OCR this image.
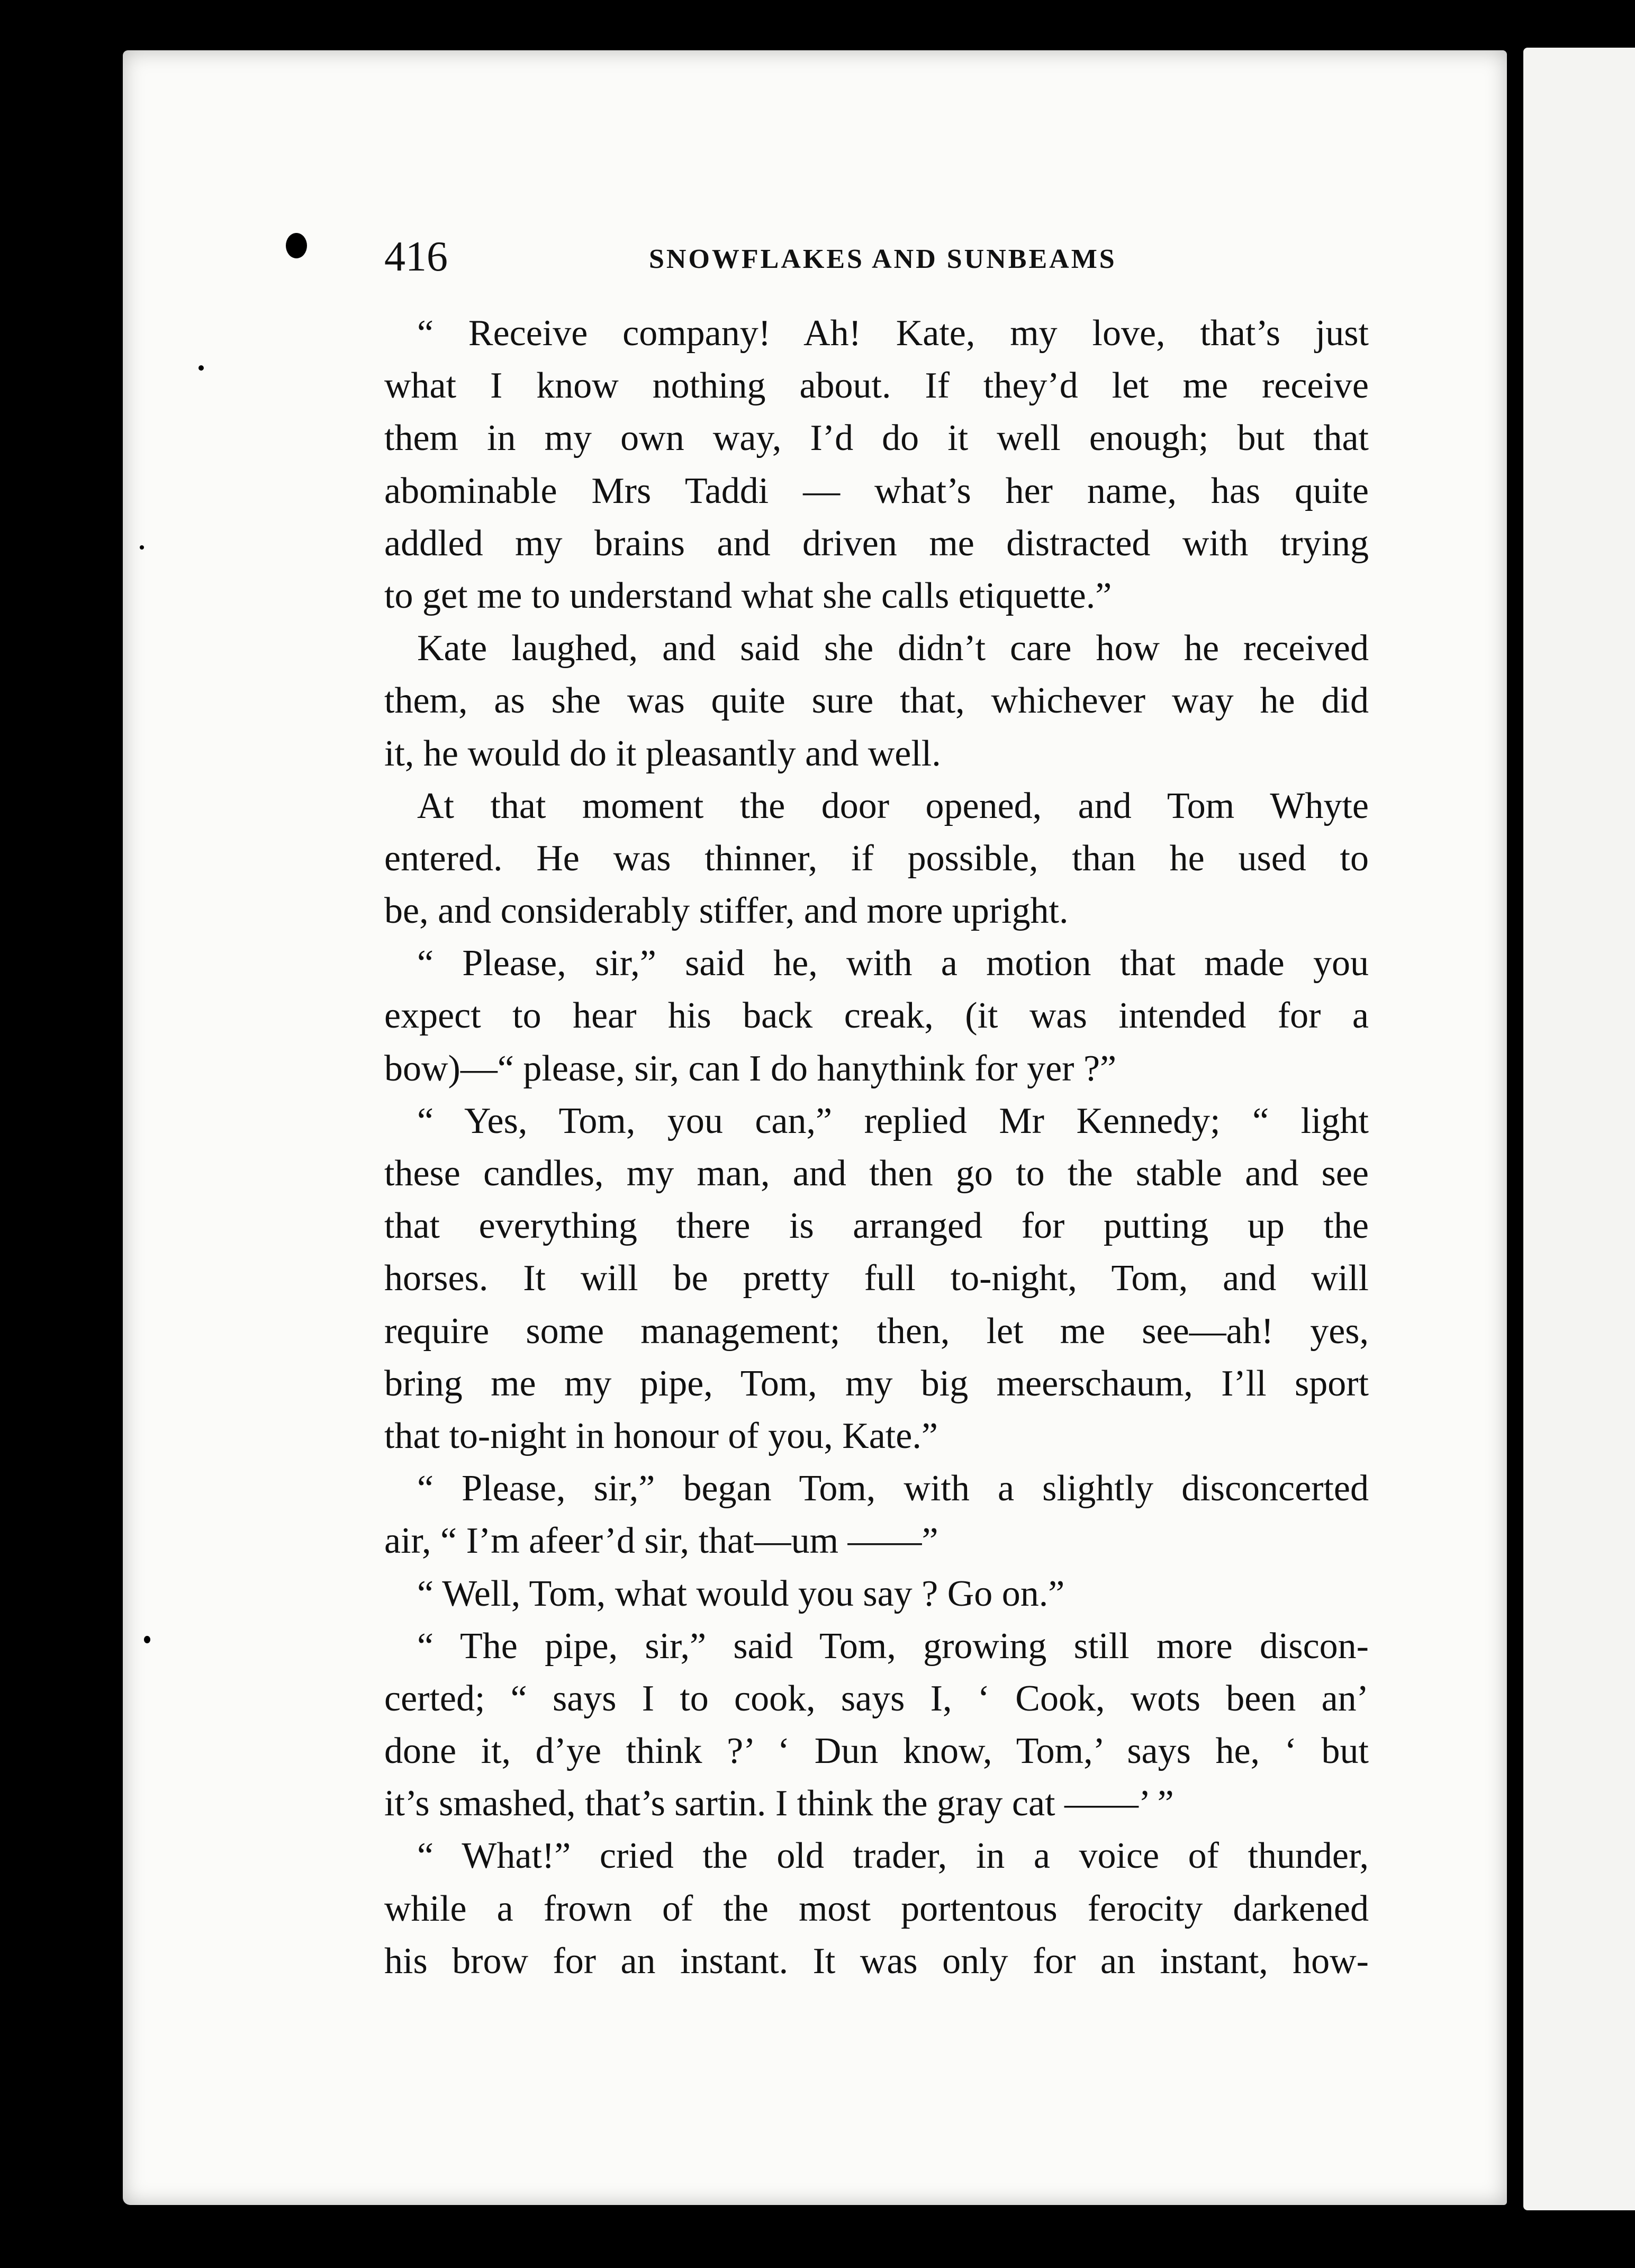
416	SNOWFLAKES AND SUNBEAMS
“ Receive company! Ah! Kate, my love, that’s just
what I know nothing about. If they’d let me receive
them in my own way, I’d do it well enough; but that
abominable Mrs Taddi — what’s her name, has quite
addled my brains and driven me distracted with trying
to get me to understand what she calls etiquette.”
Kate laughed, and said she didn’t care how he received
them, as she was quite sure that, whichever way he did
it, he would do it pleasantly and well.
At that moment the door opened, and Tom Whyte
entered. He was thinner, if possible, than he used to
be, and considerably stiffer, and more upright.
“ Please, sir,” said he, with a motion that made you
expect to hear his back creak, (it was intended for a
bow)—“ please, sir, can I do hanythink for yer ?”
“ Yes, Tom, you can,” replied Mr Kennedy; “ light
these candles, my man, and then go to the stable and see
that everything there is arranged for putting up the
horses. It will be pretty full to-night, Tom, and will
require some management; then, let me see—ah! yes,
bring me my pipe, Tom, my big meerschaum, I’ll sport
that to-night in honour of you, Kate.”
“ Please, sir,” began Tom, with a slightly disconcerted
air, “ I’m afeer’d sir, that—um ——”
“ Well, Tom, what would you say ? Go on.”
“ The pipe, sir,” said Tom, growing still more discon-
certed; “ says I to cook, says I, ‘ Cook, wots been an’
done it, d’ye think ?’ ‘ Dun know, Tom,’ says he, ‘ but
it’s smashed, that’s sartin. I think the gray cat ——’ ”
“ What!” cried the old trader, in a voice of thunder,
while a frown of the most portentous ferocity darkened
his brow for an instant. It was only for an instant, how-
